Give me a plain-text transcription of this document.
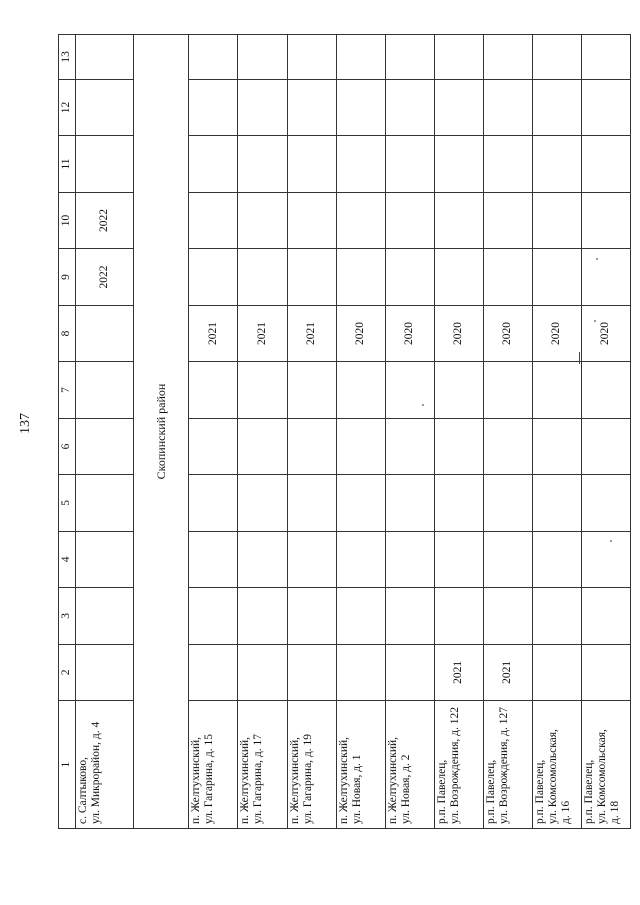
137
1	2	3	4	5	6	7	8	9	10	11	12	13
с. Салтыково,
ул. Микрорайон, д. 4								2022	2022			
Скопинский район												
п. Желтухинский,
ул. Гагарина, д. 15							2021					
п. Желтухинский,
ул. Гагарина, д. 17							2021					
п. Желтухинский,
ул. Гагарина, д. 19							2021					
п. Желтухинский,
ул. Новая, д. 1							2020					
п. Желтухинский,
ул. Новая, д. 2							2020					
р.п. Павелец,
ул. Возрождения, д. 122	2021						2020					
р.п. Павелец,
ул. Возрождения, д. 127	2021						2020					
р.п. Павелец,
ул. Комсомольская,
д. 16							2020					
р.п. Павелец,
ул. Комсомольская,
д. 18							2020					
